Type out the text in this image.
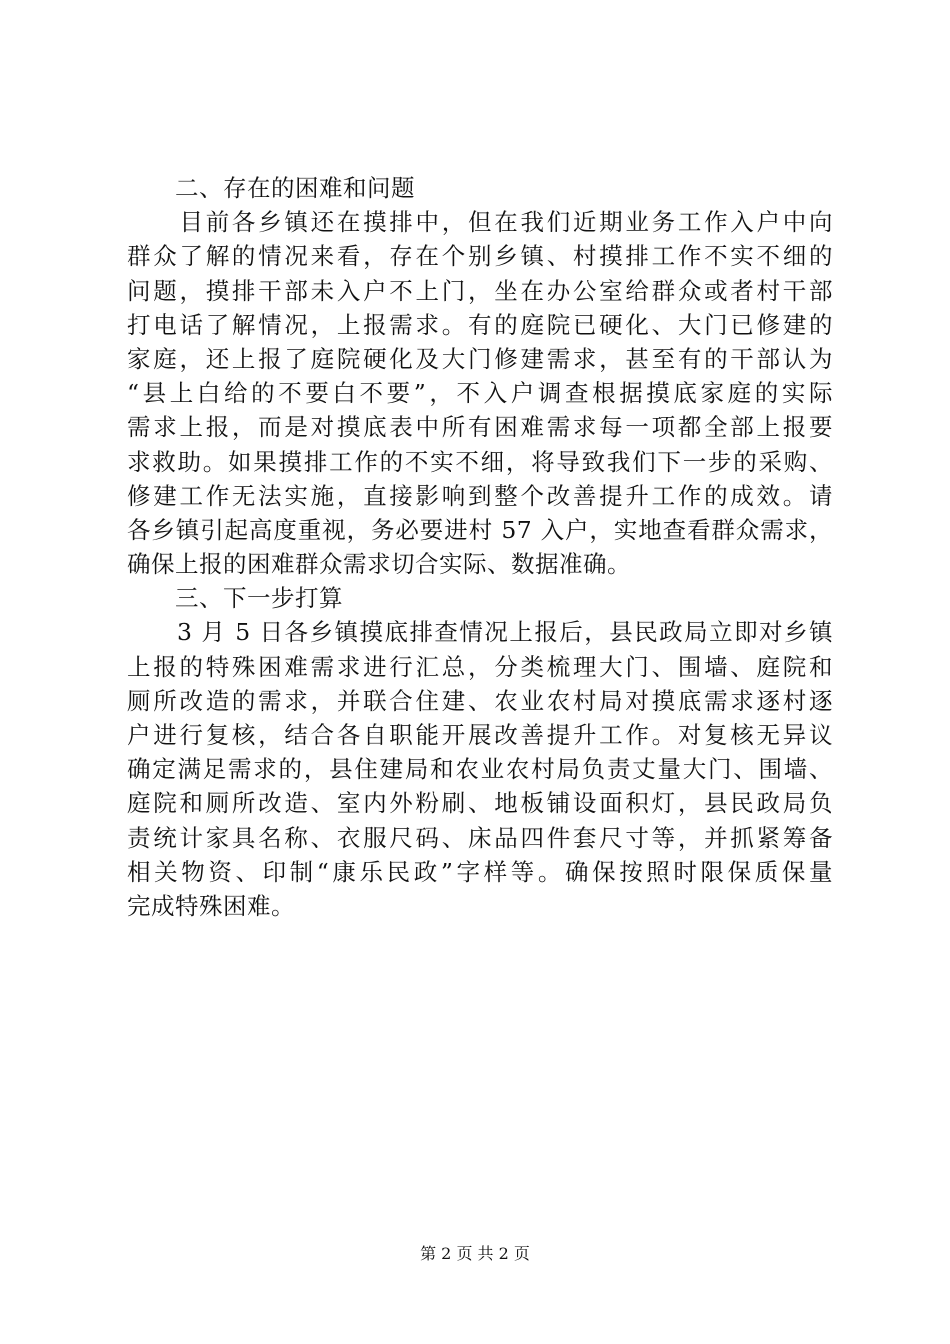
　　二、存在的困难和问题
　　目前各乡镇还在摸排中，但在我们近期业务工作入户中向
群众了解的情况来看，存在个别乡镇、村摸排工作不实不细的
问题，摸排干部未入户不上门，坐在办公室给群众或者村干部
打电话了解情况，上报需求。有的庭院已硬化、大门已修建的
家庭，还上报了庭院硬化及大门修建需求，甚至有的干部认为
“县上白给的不要白不要”，不入户调查根据摸底家庭的实际
需求上报，而是对摸底表中所有困难需求每一项都全部上报要
求救助。如果摸排工作的不实不细，将导致我们下一步的采购、
修建工作无法实施，直接影响到整个改善提升工作的成效。请
各乡镇引起高度重视，务必要进村 57 入户，实地查看群众需求，
确保上报的困难群众需求切合实际、数据准确。
　　三、下一步打算
　　3 月 5 日各乡镇摸底排查情况上报后，县民政局立即对乡镇
上报的特殊困难需求进行汇总，分类梳理大门、围墙、庭院和
厕所改造的需求，并联合住建、农业农村局对摸底需求逐村逐
户进行复核，结合各自职能开展改善提升工作。对复核无异议
确定满足需求的，县住建局和农业农村局负责丈量大门、围墙、
庭院和厕所改造、室内外粉刷、地板铺设面积灯，县民政局负
责统计家具名称、衣服尺码、床品四件套尺寸等，并抓紧筹备
相关物资、印制“康乐民政”字样等。确保按照时限保质保量
完成特殊困难。
第 2 页 共 2 页
